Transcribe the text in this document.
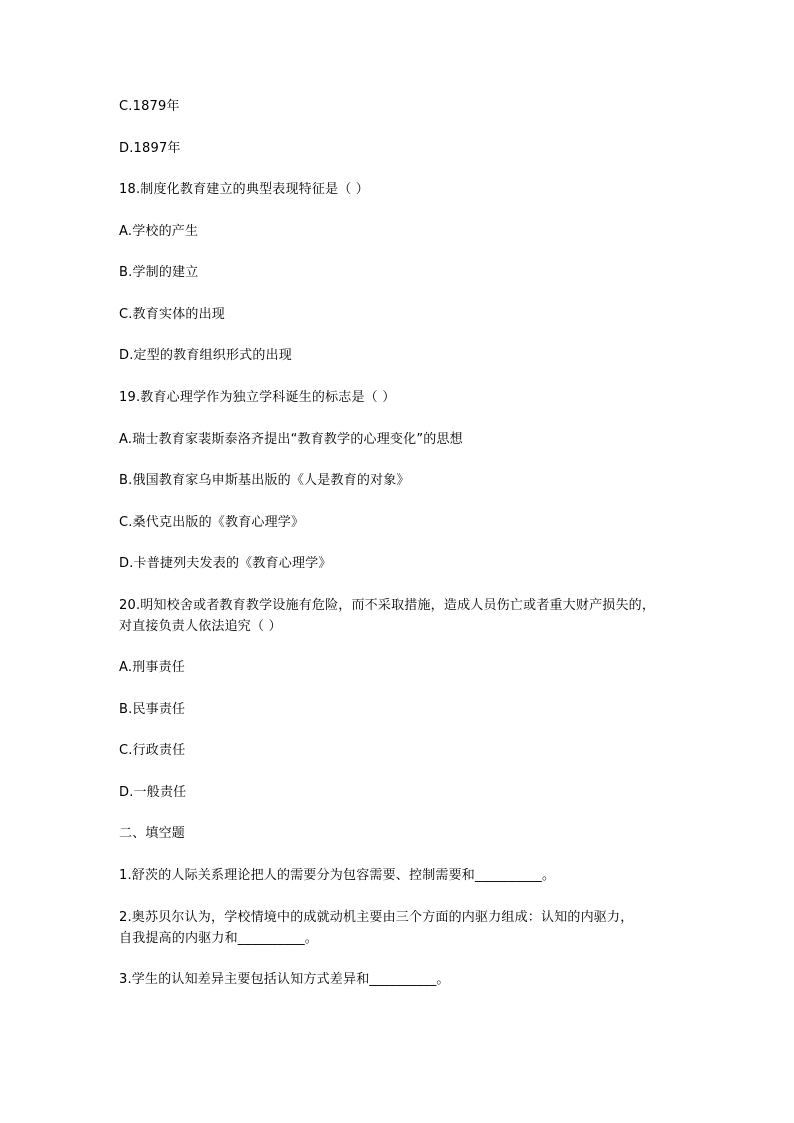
C.1879年
D.1897年
18.制度化教育建立的典型表现特征是（ ）
A.学校的产生
B.学制的建立
C.教育实体的出现
D.定型的教育组织形式的出现
19.教育心理学作为独立学科诞生的标志是（ ）
A.瑞士教育家裴斯泰洛齐提出“教育教学的心理变化”的思想
B.俄国教育家乌申斯基出版的《人是教育的对象》
C.桑代克出版的《教育心理学》
D.卡普捷列夫发表的《教育心理学》
20.明知校舍或者教育教学设施有危险，而不采取措施，造成人员伤亡或者重大财产损失的，
对直接负责人依法追究（ ）
A.刑事责任
B.民事责任
C.行政责任
D.一般责任
二、填空题
1.舒茨的人际关系理论把人的需要分为包容需要、控制需要和__________。
2.奥苏贝尔认为，学校情境中的成就动机主要由三个方面的内驱力组成：认知的内驱力，
自我提高的内驱力和__________。
3.学生的认知差异主要包括认知方式差异和__________。
